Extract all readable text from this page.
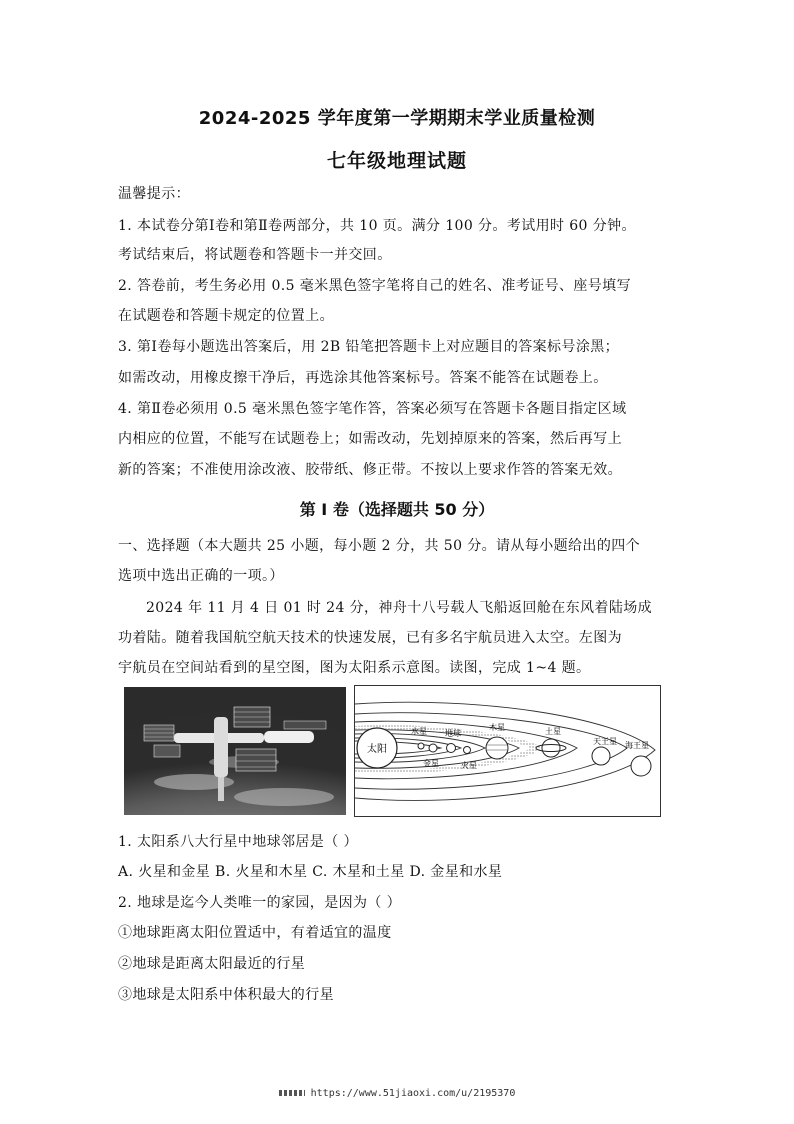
2024-2025 学年度第一学期期末学业质量检测
七年级地理试题
温馨提示：
1. 本试卷分第Ⅰ卷和第Ⅱ卷两部分，共 10 页。满分 100 分。考试用时 60 分钟。
考试结束后，将试题卷和答题卡一并交回。
2. 答卷前，考生务必用 0.5 毫米黑色签字笔将自己的姓名、准考证号、座号填写
在试题卷和答题卡规定的位置上。
3. 第Ⅰ卷每小题选出答案后，用 2B 铅笔把答题卡上对应题目的答案标号涂黑；
如需改动，用橡皮擦干净后，再选涂其他答案标号。答案不能答在试题卷上。
4. 第Ⅱ卷必须用 0.5 毫米黑色签字笔作答，答案必须写在答题卡各题目指定区域
内相应的位置，不能写在试题卷上；如需改动，先划掉原来的答案，然后再写上
新的答案；不准使用涂改液、胶带纸、修正带。不按以上要求作答的答案无效。
第 I 卷（选择题共 50 分）
一、选择题（本大题共 25 小题，每小题 2 分，共 50 分。请从每小题给出的四个
选项中选出正确的一项。）
2024 年 11 月 4 日 01 时 24 分，神舟十八号载人飞船返回舱在东风着陆场成
功着陆。随着我国航空航天技术的快速发展，已有多名宇航员进入太空。左图为
宇航员在空间站看到的星空图，图为太阳系示意图。读图，完成 1~4 题。
太阳
水星
金星
地球
火星
木星	土星
天王星 海王星
1. 太阳系八大行星中地球邻居是（ ）
A. 火星和金星 B. 火星和木星 C. 木星和土星 D. 金星和水星
2. 地球是迄今人类唯一的家园，是因为（ ）
①地球距离太阳位置适中，有着适宜的温度
②地球是距离太阳最近的行星
③地球是太阳系中体积最大的行星
https://www.51jiaoxi.com/u/2195370
